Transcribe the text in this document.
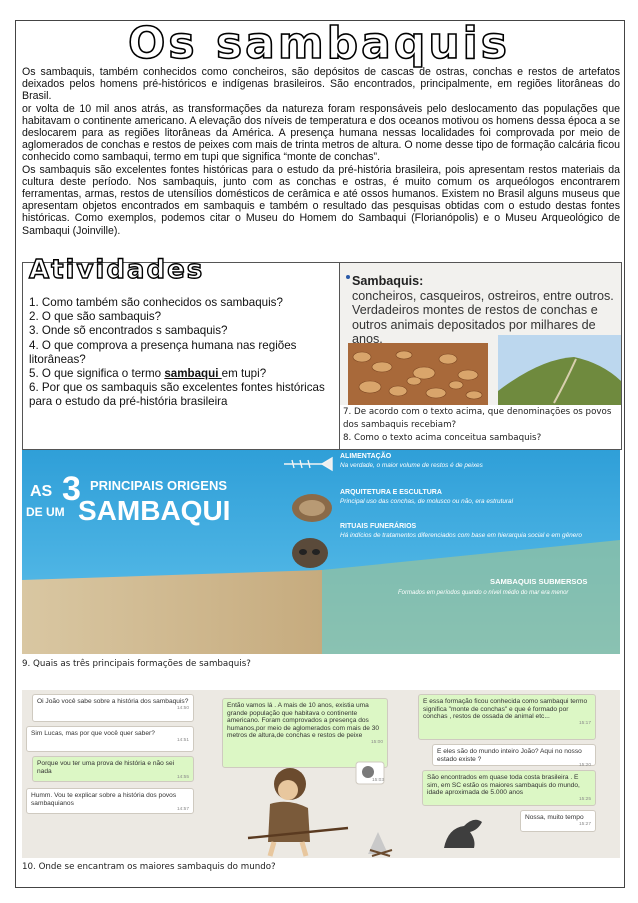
Os sambaquis

Os sambaquis, também conhecidos como concheiros, são depósitos de cascas de ostras, conchas e restos de artefatos deixados pelos homens pré-históricos e indígenas brasileiros. São encontrados, principalmente, em regiões litorâneas do Brasil.

or volta de 10 mil anos atrás, as transformações da natureza foram responsáveis pelo deslocamento das populações que habitavam o continente americano. A elevação dos níveis de temperatura e dos oceanos motivou os homens dessa época a se deslocarem para as regiões litorâneas da América. A presença humana nessas localidades foi comprovada por meio de aglomerados de conchas e restos de peixes com mais de trinta metros de altura. O nome desse tipo de formação calcária ficou conhecido como sambaqui, termo em tupi que significa “monte de conchas”.

Os sambaquis são excelentes fontes históricas para o estudo da pré-história brasileira, pois apresentam restos materiais da cultura deste período. Nos sambaquis, junto com as conchas e ostras, é muito comum os arqueólogos encontrarem ferramentas, armas, restos de utensílios domésticos de cerâmica e até ossos humanos. Existem no Brasil alguns museus que apresentam objetos encontrados em sambaquis e também o resultado das pesquisas obtidas com o estudo destas fontes históricas. Como exemplos, podemos citar o Museu do Homem do Sambaqui (Florianópolis) e o Museu Arqueológico de Sambaqui (Joinville).

Atividades
1. Como também são conhecidos os sambaquis?
2. O que são sambaquis?
3. Onde sõ encontrados s sambaquis?
4. O que comprova a presença humana nas regiões litorâneas?
5. O que significa o termo sambaqui em tupi?
6. Por que os sambaquis são excelentes fontes históricas para o estudo da pré-história brasileira
Sambaquis:
concheiros, casqueiros, ostreiros, entre outros. Verdadeiros montes de restos de conchas e outros animais depositados por milhares de anos.
7. De acordo com o texto acima, que denominações os povos dos sambaquis recebiam?
8. Como o texto acima conceitua sambaquis?
AS 3 PRINCIPAIS ORIGENS
DE UM SAMBAQUI
ALIMENTAÇÃO
Na verdade, o maior volume de restos é de peixes
ARQUITETURA E ESCULTURA
Principal uso das conchas, de molusco ou não, era estrutural
RITUAIS FUNERÁRIOS
Há indícios de tratamentos diferenciados com base em hierarquia social e em gênero
SAMBAQUIS SUBMERSOS
Formados em períodos quando o nível médio do mar era menor
9. Quais as três principais formações de sambaquis?
Oi João você sabe sobre a história dos sambaquis?
14:50
Sim Lucas, mas por que você quer saber?
14:51
Porque vou ter uma prova de história e não sei nada
14:55
Humm. Vou te explicar sobre a história dos povos sambaquianos
14:57
Então vamos lá . A mais de 10 anos, existia uma grande população que habitava o continente americano. Foram comprovados a presença dos humanos,por meio de aglomerados com mais de 30 metros de altura,de conchas e restos de peixe
15:00
15:03
E essa formação ficou conhecida como sambaqui termo significa "monte de conchas" e que é formado por conchas , restos de ossada de animal etc...
15:17
E eles são do mundo inteiro João? Aqui no nosso estado existe ?
15:20
São encontrados em quase toda costa brasileira . E sim, em SC estão os maiores sambaquis do mundo, idade aproximada de 5.000 anos
15:25
Nossa, muito tempo
15:27
10. Onde se encantram os maiores sambaquis do mundo?
